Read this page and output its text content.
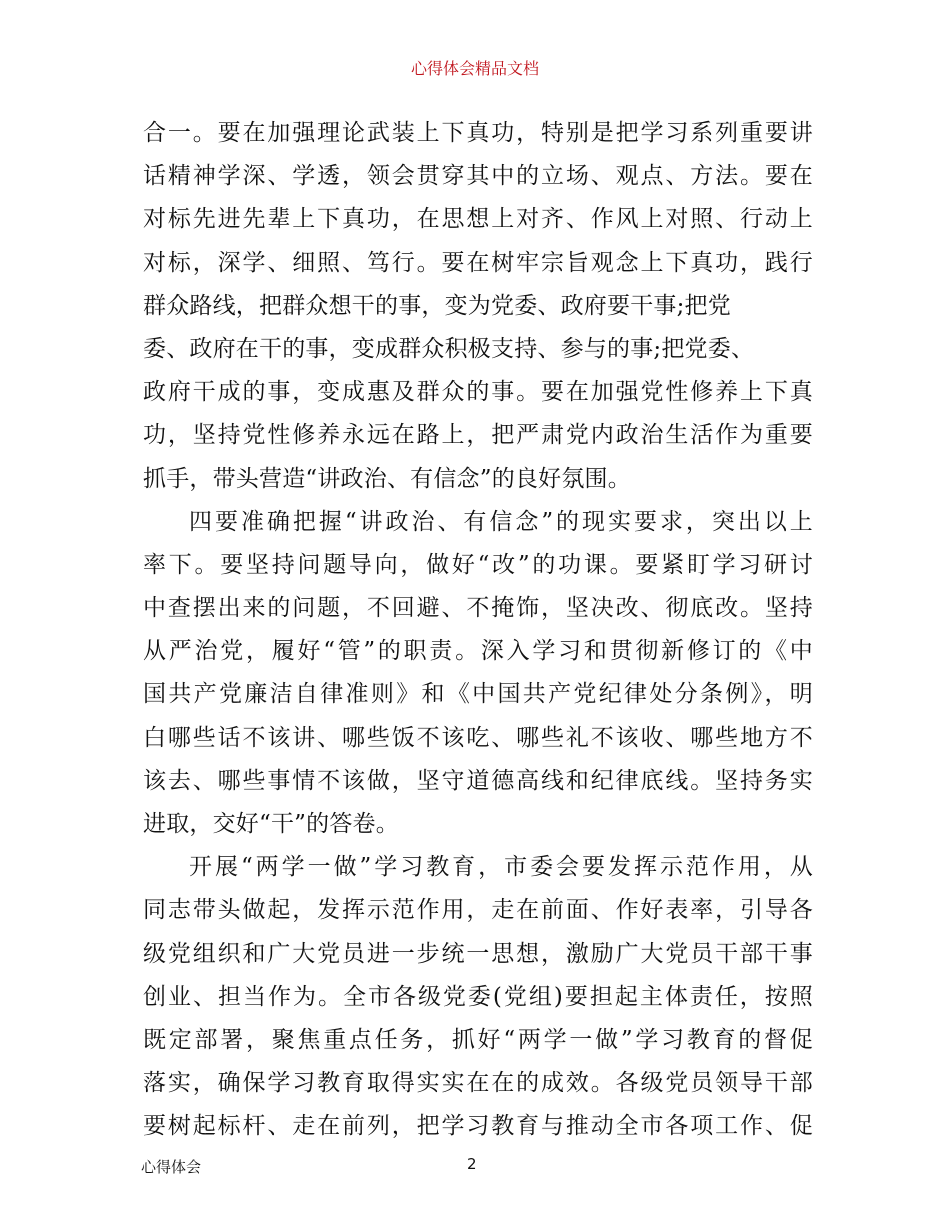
心得体会精品文档
合一。要在加强理论武装上下真功，特别是把学习系列重要讲
话精神学深、学透，领会贯穿其中的立场、观点、方法。要在
对标先进先辈上下真功，在思想上对齐、作风上对照、行动上
对标，深学、细照、笃行。要在树牢宗旨观念上下真功，践行
群众路线，把群众想干的事，变为党委、政府要干事;把党
委、政府在干的事，变成群众积极支持、参与的事;把党委、
政府干成的事，变成惠及群众的事。要在加强党性修养上下真
功，坚持党性修养永远在路上，把严肃党内政治生活作为重要
抓手，带头营造“讲政治、有信念”的良好氛围。
四要准确把握“讲政治、有信念”的现实要求，突出以上
率下。要坚持问题导向，做好“改”的功课。要紧盯学习研讨
中查摆出来的问题，不回避、不掩饰，坚决改、彻底改。坚持
从严治党，履好“管”的职责。深入学习和贯彻新修订的《中
国共产党廉洁自律准则》和《中国共产党纪律处分条例》，明
白哪些话不该讲、哪些饭不该吃、哪些礼不该收、哪些地方不
该去、哪些事情不该做，坚守道德高线和纪律底线。坚持务实
进取，交好“干”的答卷。
开展“两学一做”学习教育，市委会要发挥示范作用，从
同志带头做起，发挥示范作用，走在前面、作好表率，引导各
级党组织和广大党员进一步统一思想，激励广大党员干部干事
创业、担当作为。全市各级党委(党组)要担起主体责任，按照
既定部署，聚焦重点任务，抓好“两学一做”学习教育的督促
落实，确保学习教育取得实实在在的成效。各级党员领导干部
要树起标杆、走在前列，把学习教育与推动全市各项工作、促
心得体会	2
